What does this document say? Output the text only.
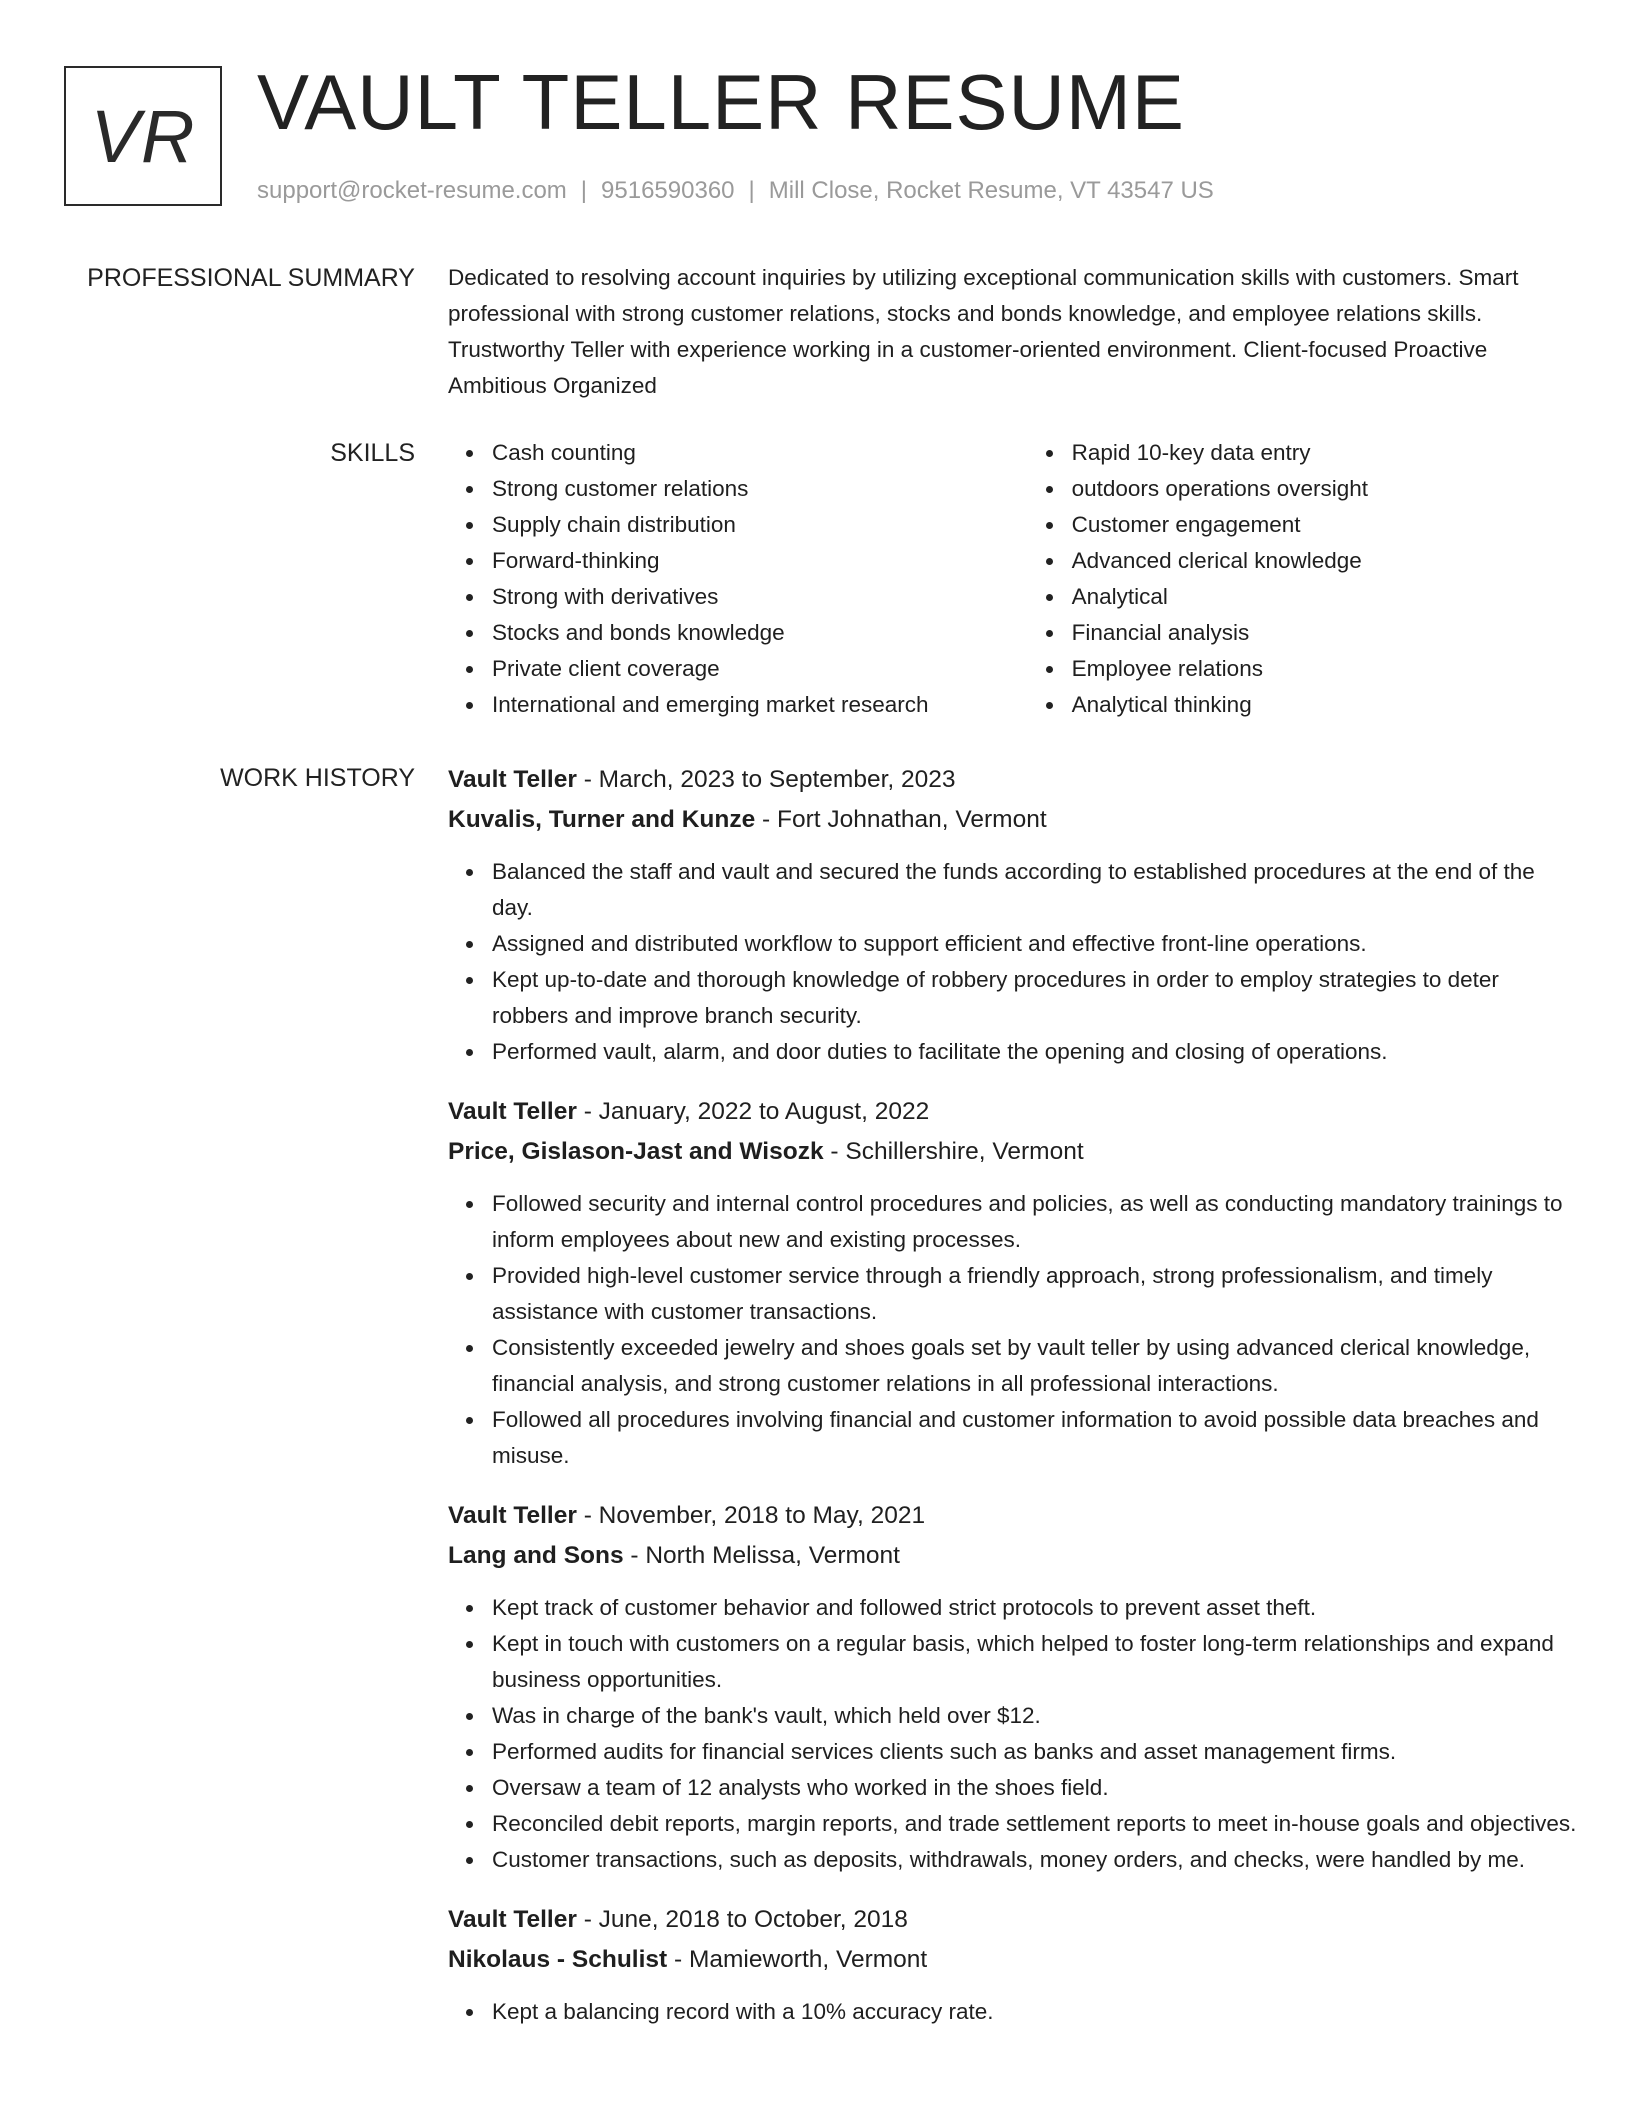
VR VAULT TELLER RESUME
support@rocket-resume.com | 9516590360 | Mill Close, Rocket Resume, VT 43547 US
PROFESSIONAL SUMMARY Dedicated to resolving account inquiries by utilizing exceptional communication skills with customers. Smart professional with strong customer relations, stocks and bonds knowledge, and employee relations skills. Trustworthy Teller with experience working in a customer-oriented environment. Client-focused Proactive Ambitious Organized
SKILLS	Cash counting
Strong customer relations
Supply chain distribution
Forward-thinking
Strong with derivatives
Stocks and bonds knowledge
Private client coverage
International and emerging market research
Rapid 10-key data entry
outdoors operations oversight
Customer engagement
Advanced clerical knowledge
Analytical
Financial analysis
Employee relations
Analytical thinking
WORK HISTORY Vault Teller - March, 2023 to September, 2023
Kuvalis, Turner and Kunze - Fort Johnathan, Vermont
Balanced the staff and vault and secured the funds according to established procedures at the end of the day.
Assigned and distributed workflow to support efficient and effective front-line operations.
Kept up-to-date and thorough knowledge of robbery procedures in order to employ strategies to deter robbers and improve branch security.
Performed vault, alarm, and door duties to facilitate the opening and closing of operations.
Vault Teller - January, 2022 to August, 2022
Price, Gislason-Jast and Wisozk - Schillershire, Vermont
Followed security and internal control procedures and policies, as well as conducting mandatory trainings to inform employees about new and existing processes.
Provided high-level customer service through a friendly approach, strong professionalism, and timely assistance with customer transactions.
Consistently exceeded jewelry and shoes goals set by vault teller by using advanced clerical knowledge, financial analysis, and strong customer relations in all professional interactions.
Followed all procedures involving financial and customer information to avoid possible data breaches and misuse.
Vault Teller - November, 2018 to May, 2021
Lang and Sons - North Melissa, Vermont
Kept track of customer behavior and followed strict protocols to prevent asset theft.
Kept in touch with customers on a regular basis, which helped to foster long-term relationships and expand business opportunities.
Was in charge of the bank's vault, which held over $12.
Performed audits for financial services clients such as banks and asset management firms.
Oversaw a team of 12 analysts who worked in the shoes field.
Reconciled debit reports, margin reports, and trade settlement reports to meet in-house goals and objectives.
Customer transactions, such as deposits, withdrawals, money orders, and checks, were handled by me.
Vault Teller - June, 2018 to October, 2018
Nikolaus - Schulist - Mamieworth, Vermont
Kept a balancing record with a 10% accuracy rate.
